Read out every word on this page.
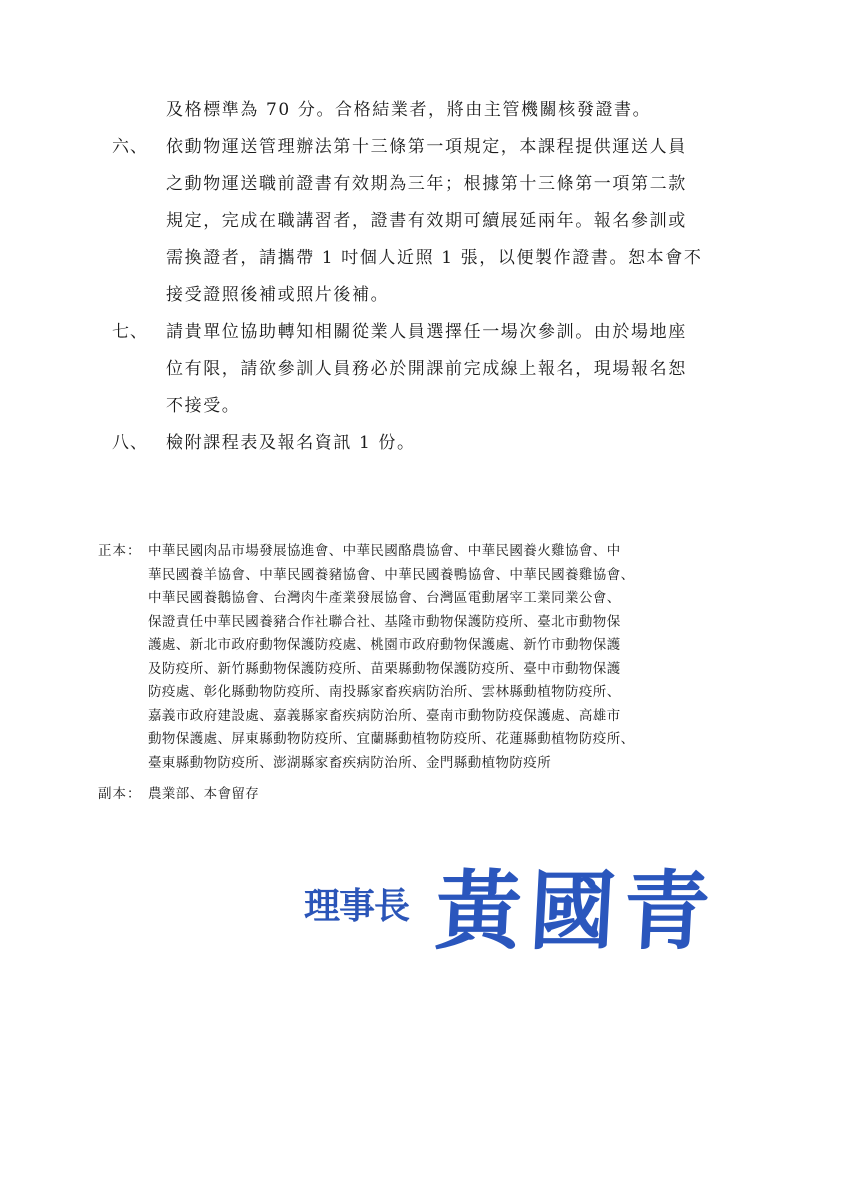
及格標準為 70 分。合格結業者，將由主管機關核發證書。
六、	依動物運送管理辦法第十三條第一項規定，本課程提供運送人員
之動物運送職前證書有效期為三年；根據第十三條第一項第二款
規定，完成在職講習者，證書有效期可續展延兩年。報名參訓或
需換證者，請攜帶 1 吋個人近照 1 張，以便製作證書。恕本會不
接受證照後補或照片後補。
七、	請貴單位協助轉知相關從業人員選擇任一場次參訓。由於場地座
位有限，請欲參訓人員務必於開課前完成線上報名，現場報名恕
不接受。
八、	檢附課程表及報名資訊 1 份。
正本： 中華民國肉品市場發展協進會、中華民國酪農協會、中華民國養火雞協會、中
華民國養羊協會、中華民國養豬協會、中華民國養鴨協會、中華民國養雞協會、
中華民國養鵝協會、台灣肉牛產業發展協會、台灣區電動屠宰工業同業公會、
保證責任中華民國養豬合作社聯合社、基隆市動物保護防疫所、臺北市動物保
護處、新北市政府動物保護防疫處、桃園市政府動物保護處、新竹市動物保護
及防疫所、新竹縣動物保護防疫所、苗栗縣動物保護防疫所、臺中市動物保護
防疫處、彰化縣動物防疫所、南投縣家畜疾病防治所、雲林縣動植物防疫所、
嘉義市政府建設處、嘉義縣家畜疾病防治所、臺南市動物防疫保護處、高雄市
動物保護處、屏東縣動物防疫所、宜蘭縣動植物防疫所、花蓮縣動植物防疫所、
臺東縣動物防疫所、澎湖縣家畜疾病防治所、金門縣動植物防疫所
副本： 農業部、本會留存
理事長 黃國青
